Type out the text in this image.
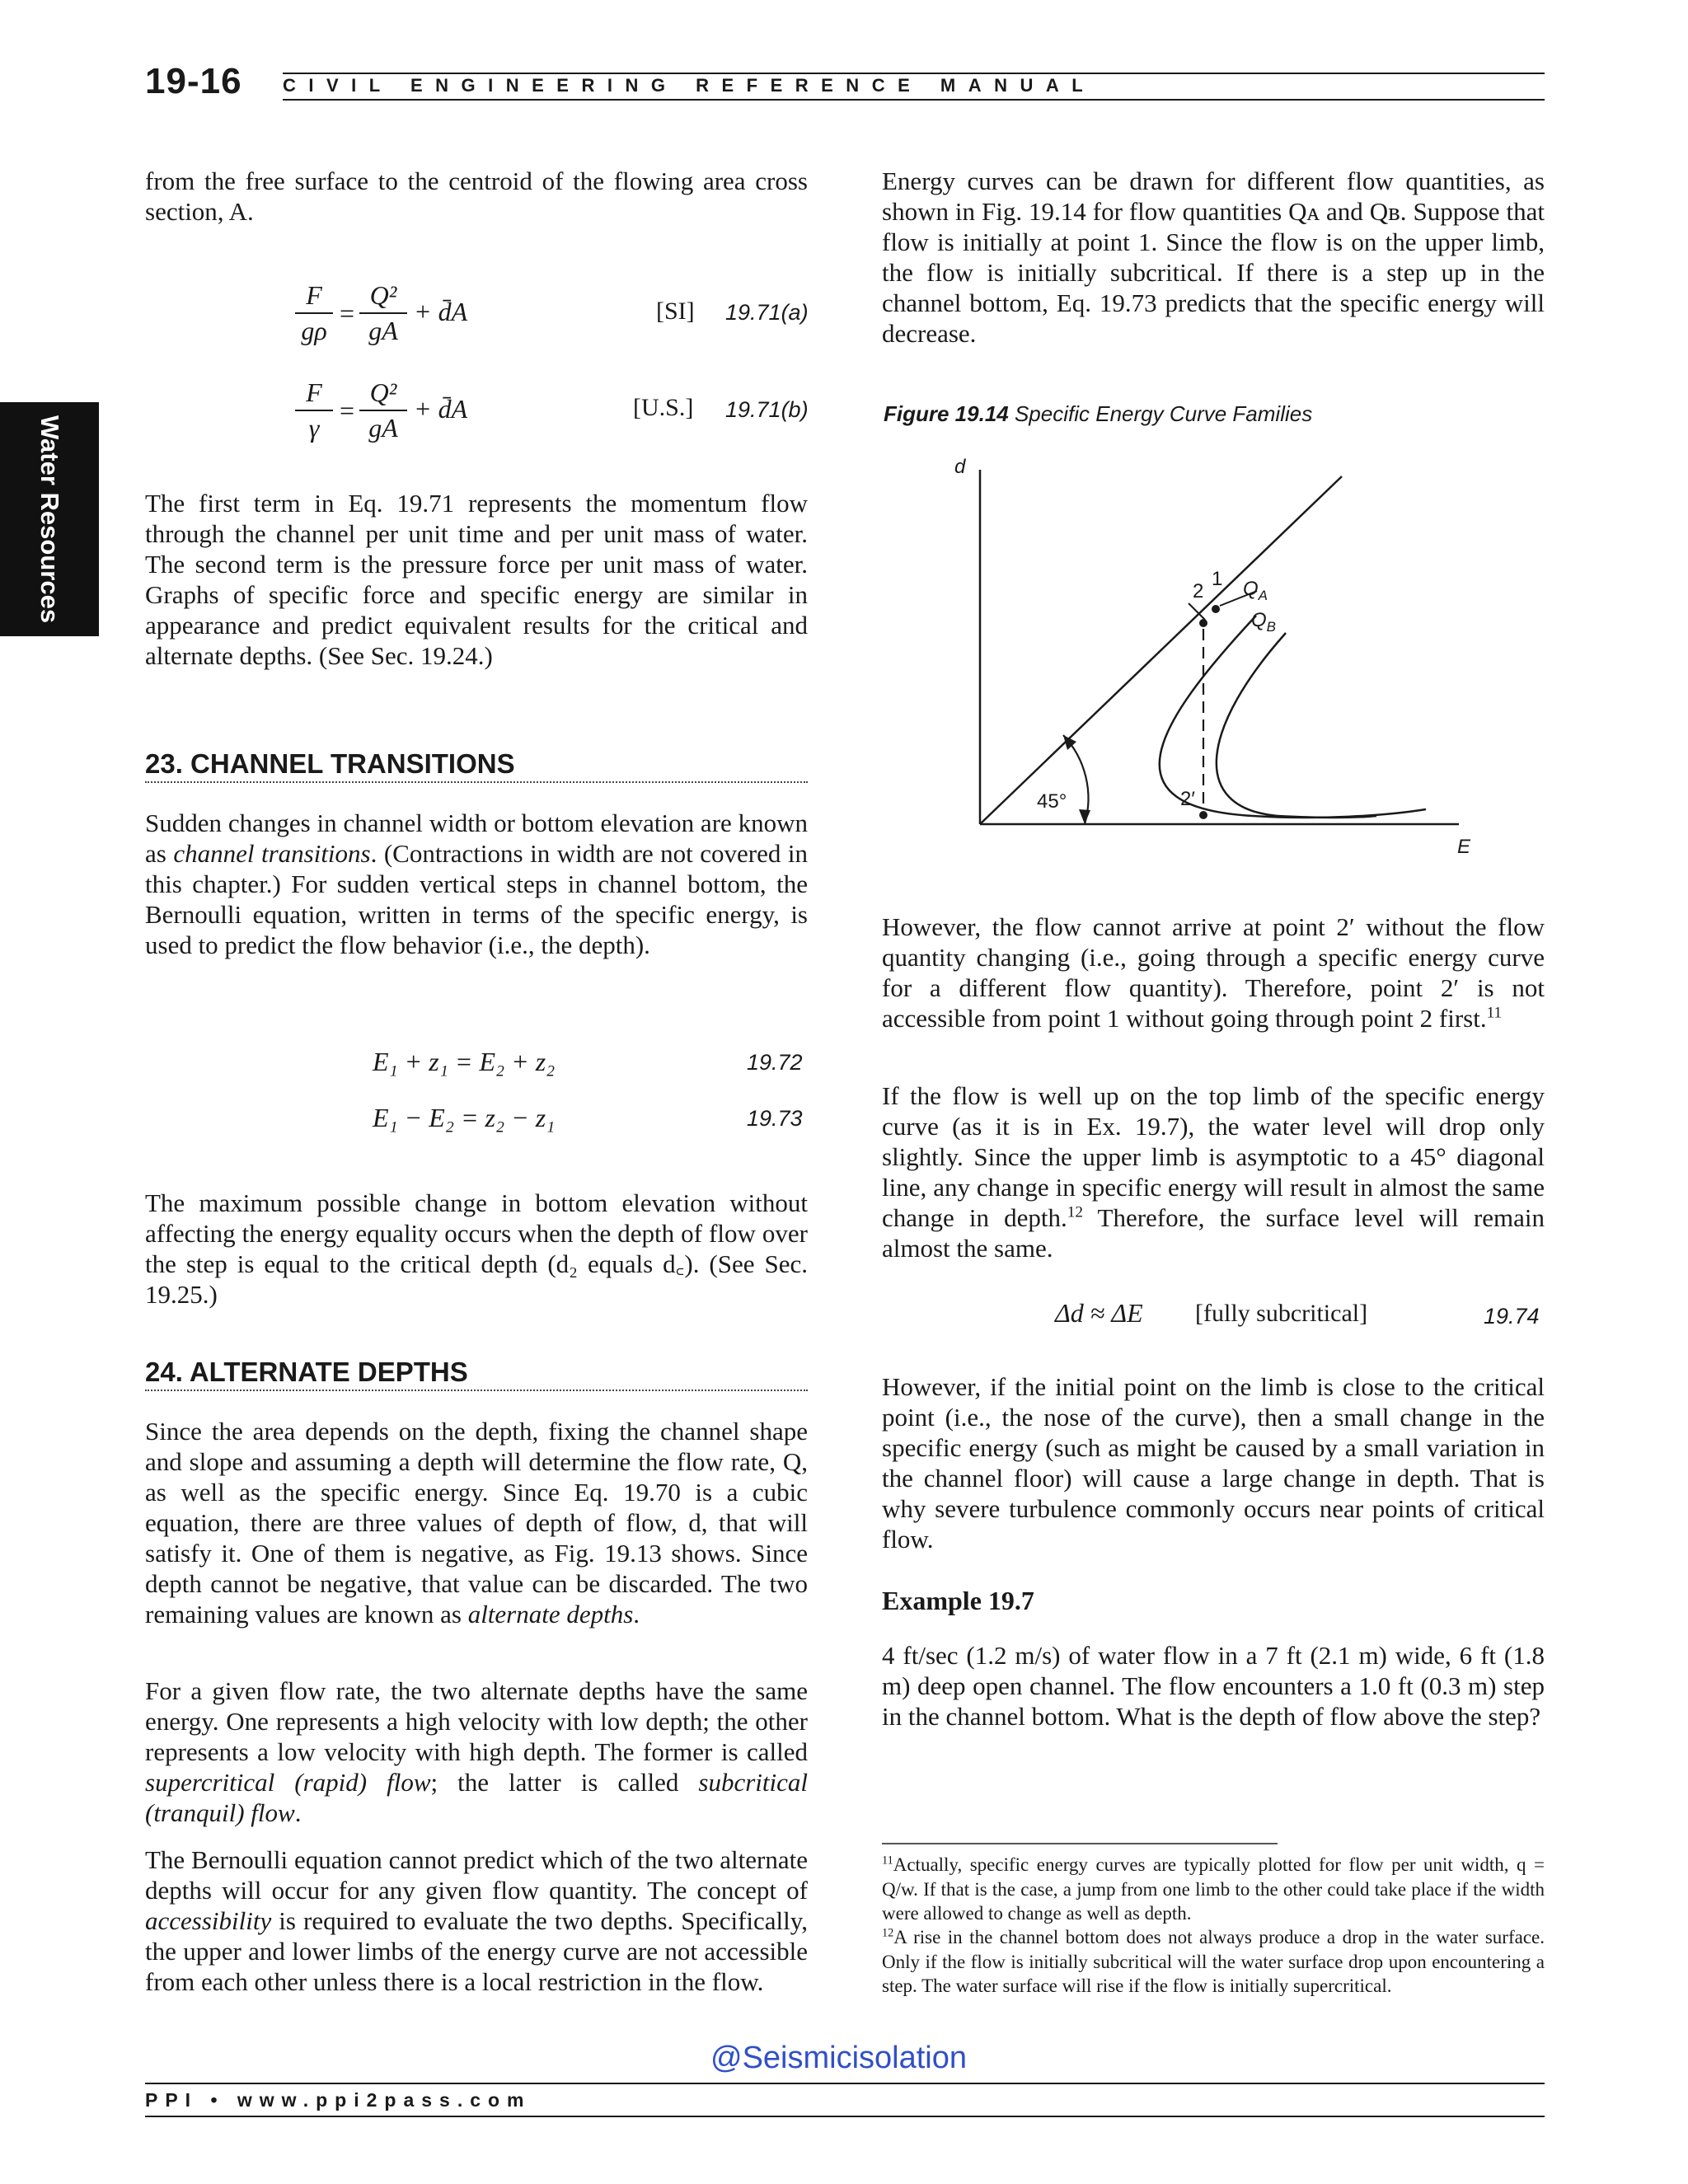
19-16 CIVIL ENGINEERING REFERENCE MANUAL
Water Resources

from the free surface to the centroid of the flowing area cross section, A.

F
gρ
=
Q²
gA
+ d̄A	[SI] 19.71(a)
F
γ
=
Q²
gA
+ d̄A	[U.S.] 19.71(b)

The first term in Eq. 19.71 represents the momentum flow through the channel per unit time and per unit mass of water. The second term is the pressure force per unit mass of water. Graphs of specific force and specific energy are similar in appearance and predict equivalent results for the critical and alternate depths. (See Sec. 19.24.)

23. CHANNEL TRANSITIONS

Sudden changes in channel width or bottom elevation are known as channel transitions. (Contractions in width are not covered in this chapter.) For sudden vertical steps in channel bottom, the Bernoulli equation, written in terms of the specific energy, is used to predict the flow behavior (i.e., the depth).

E₁ + z₁ = E₂ + z₂	19.72
E₁ − E₂ = z₂ − z₁	19.73

The maximum possible change in bottom elevation without affecting the energy equality occurs when the depth of flow over the step is equal to the critical depth (d₂ equals d꜀). (See Sec. 19.25.)

24. ALTERNATE DEPTHS

Since the area depends on the depth, fixing the channel shape and slope and assuming a depth will determine the flow rate, Q, as well as the specific energy. Since Eq. 19.70 is a cubic equation, there are three values of depth of flow, d, that will satisfy it. One of them is negative, as Fig. 19.13 shows. Since depth cannot be negative, that value can be discarded. The two remaining values are known as alternate depths.

For a given flow rate, the two alternate depths have the same energy. One represents a high velocity with low depth; the other represents a low velocity with high depth. The former is called supercritical (rapid) flow; the latter is called subcritical (tranquil) flow.

The Bernoulli equation cannot predict which of the two alternate depths will occur for any given flow quantity. The concept of accessibility is required to evaluate the two depths. Specifically, the upper and lower limbs of the energy curve are not accessible from each other unless there is a local restriction in the flow.

Energy curves can be drawn for different flow quantities, as shown in Fig. 19.14 for flow quantities Qᴀ and Qʙ. Suppose that flow is initially at point 1. Since the flow is on the upper limb, the flow is initially subcritical. If there is a step up in the channel bottom, Eq. 19.73 predicts that the specific energy will decrease.

Figure 19.14 Specific Energy Curve Families
d
E
45°
1
2
2′
$Q_A$
$Q_B$

However, the flow cannot arrive at point 2′ without the flow quantity changing (i.e., going through a specific energy curve for a different flow quantity). Therefore, point 2′ is not accessible from point 1 without going through point 2 first.$^{11}$

If the flow is well up on the top limb of the specific energy curve (as it is in Ex. 19.7), the water level will drop only slightly. Since the upper limb is asymptotic to a 45° diagonal line, any change in specific energy will result in almost the same change in depth.$^{12}$ Therefore, the surface level will remain almost the same.

Δd ≈ ΔE [fully subcritical]	19.74

However, if the initial point on the limb is close to the critical point (i.e., the nose of the curve), then a small change in the specific energy (such as might be caused by a small variation in the channel floor) will cause a large change in depth. That is why severe turbulence commonly occurs near points of critical flow.

Example 19.7

4 ft/sec (1.2 m/s) of water flow in a 7 ft (2.1 m) wide, 6 ft (1.8 m) deep open channel. The flow encounters a 1.0 ft (0.3 m) step in the channel bottom. What is the depth of flow above the step?

$^{11}$Actually, specific energy curves are typically plotted for flow per unit width, q = Q/w. If that is the case, a jump from one limb to the other could take place if the width were allowed to change as well as depth.
$^{12}$A rise in the channel bottom does not always produce a drop in the water surface. Only if the flow is initially subcritical will the water surface drop upon encountering a step. The water surface will rise if the flow is initially supercritical.
@Seismicisolation
PPI • www.ppi2pass.com
